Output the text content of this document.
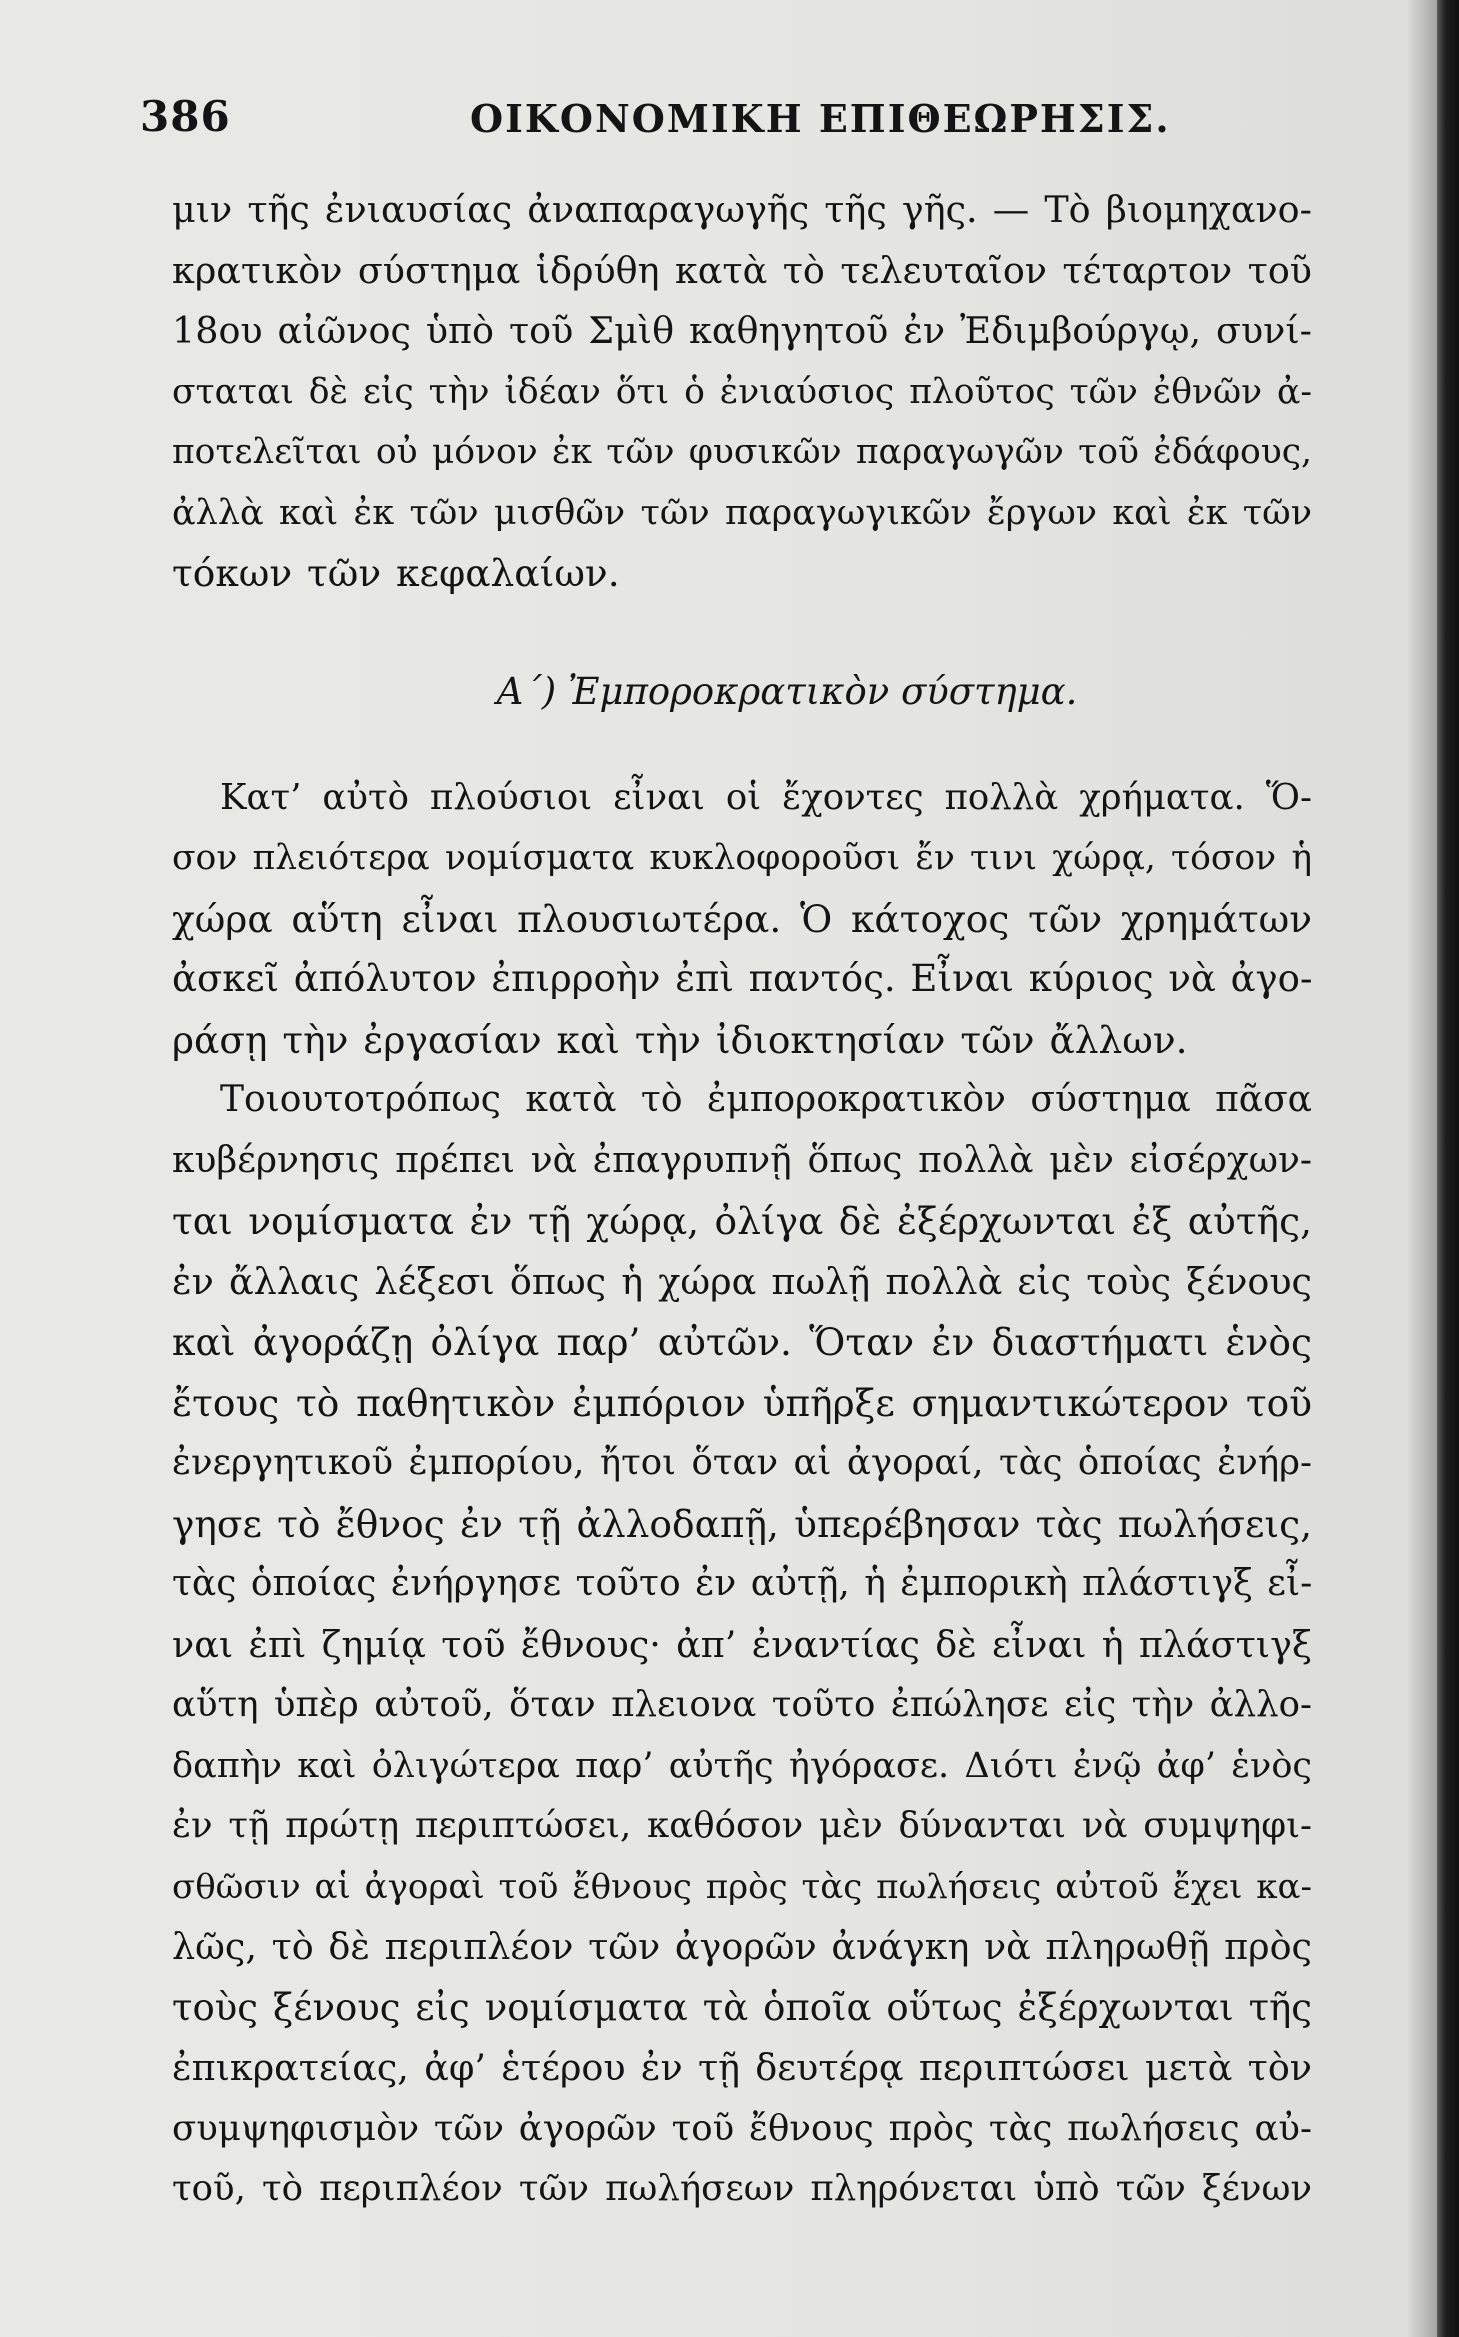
386	ΟΙΚΟΝΟΜΙΚΗ ΕΠΙΘΕΩΡΗΣΙΣ.
μιν τῆς ἐνιαυσίας ἀναπαραγωγῆς τῆς γῆς. — Τὸ βιομηχανο-
κρατικὸν σύστημα ἱδρύθη κατὰ τὸ τελευταῖον τέταρτον τοῦ
18ου αἰῶνος ὑπὸ τοῦ Σμὶθ καθηγητοῦ ἐν Ἐδιμβούργῳ, συνί-
σταται δὲ εἰς τὴν ἰδέαν ὅτι ὁ ἐνιαύσιος πλοῦτος τῶν ἐθνῶν ἀ-
ποτελεῖται οὐ μόνον ἐκ τῶν φυσικῶν παραγωγῶν τοῦ ἐδάφους,
ἀλλὰ καὶ ἐκ τῶν μισθῶν τῶν παραγωγικῶν ἔργων καὶ ἐκ τῶν
τόκων τῶν κεφαλαίων.
Α΄) Ἐμποροκρατικὸν σύστημα.
Κατ’ αὐτὸ πλούσιοι εἶναι οἱ ἔχοντες πολλὰ χρήματα. Ὅ-
σον πλειότερα νομίσματα κυκλοφοροῦσι ἔν τινι χώρᾳ, τόσον ἡ
χώρα αὕτη εἶναι πλουσιωτέρα. Ὁ κάτοχος τῶν χρημάτων
ἀσκεῖ ἀπόλυτον ἐπιρροὴν ἐπὶ παντός. Εἶναι κύριος νὰ ἀγο-
ράσῃ τὴν ἐργασίαν καὶ τὴν ἰδιοκτησίαν τῶν ἄλλων.
Τοιουτοτρόπως κατὰ τὸ ἐμποροκρατικὸν σύστημα πᾶσα
κυβέρνησις πρέπει νὰ ἐπαγρυπνῇ ὅπως πολλὰ μὲν εἰσέρχων-
ται νομίσματα ἐν τῇ χώρᾳ, ὀλίγα δὲ ἐξέρχωνται ἐξ αὐτῆς,
ἐν ἄλλαις λέξεσι ὅπως ἡ χώρα πωλῇ πολλὰ εἰς τοὺς ξένους
καὶ ἀγοράζῃ ὀλίγα παρ’ αὐτῶν. Ὅταν ἐν διαστήματι ἑνὸς
ἔτους τὸ παθητικὸν ἐμπόριον ὑπῆρξε σημαντικώτερον τοῦ
ἐνεργητικοῦ ἐμπορίου, ἤτοι ὅταν αἱ ἀγοραί, τὰς ὁποίας ἐνήρ-
γησε τὸ ἔθνος ἐν τῇ ἀλλοδαπῇ, ὑπερέβησαν τὰς πωλήσεις,
τὰς ὁποίας ἐνήργησε τοῦτο ἐν αὐτῇ, ἡ ἐμπορικὴ πλάστιγξ εἶ-
ναι ἐπὶ ζημίᾳ τοῦ ἔθνους· ἀπ’ ἐναντίας δὲ εἶναι ἡ πλάστιγξ
αὕτη ὑπὲρ αὐτοῦ, ὅταν πλειονα τοῦτο ἐπώλησε εἰς τὴν ἀλλο-
δαπὴν καὶ ὀλιγώτερα παρ’ αὐτῆς ἠγόρασε. Διότι ἐνῷ ἀφ’ ἑνὸς
ἐν τῇ πρώτῃ περιπτώσει, καθόσον μὲν δύνανται νὰ συμψηφι-
σθῶσιν αἱ ἀγοραὶ τοῦ ἔθνους πρὸς τὰς πωλήσεις αὐτοῦ ἔχει κα-
λῶς, τὸ δὲ περιπλέον τῶν ἀγορῶν ἀνάγκη νὰ πληρωθῇ πρὸς
τοὺς ξένους εἰς νομίσματα τὰ ὁποῖα οὕτως ἐξέρχωνται τῆς
ἐπικρατείας, ἀφ’ ἑτέρου ἐν τῇ δευτέρᾳ περιπτώσει μετὰ τὸν
συμψηφισμὸν τῶν ἀγορῶν τοῦ ἔθνους πρὸς τὰς πωλήσεις αὐ-
τοῦ, τὸ περιπλέον τῶν πωλήσεων πληρόνεται ὑπὸ τῶν ξένων
